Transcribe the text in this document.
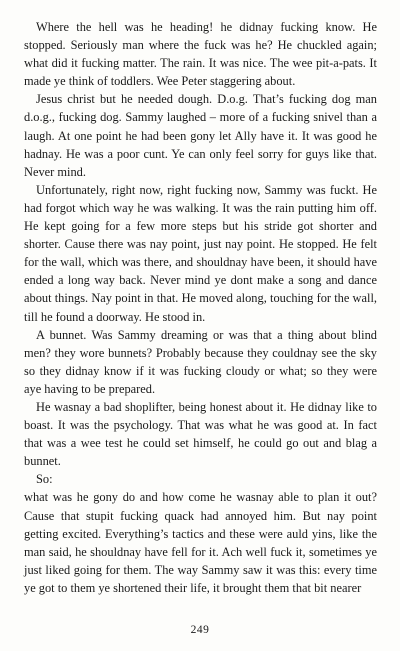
Where the hell was he heading! he didnay fucking know. He stopped. Seriously man where the fuck was he? He chuckled again; what did it fucking matter. The rain. It was nice. The wee pit-a-pats. It made ye think of toddlers. Wee Peter staggering about.

Jesus christ but he needed dough. D.o.g. That’s fucking dog man d.o.g., fucking dog. Sammy laughed – more of a fucking snivel than a laugh. At one point he had been gony let Ally have it. It was good he hadnay. He was a poor cunt. Ye can only feel sorry for guys like that. Never mind.

Unfortunately, right now, right fucking now, Sammy was fuckt. He had forgot which way he was walking. It was the rain putting him off. He kept going for a few more steps but his stride got shorter and shorter. Cause there was nay point, just nay point. He stopped. He felt for the wall, which was there, and shouldnay have been, it should have ended a long way back. Never mind ye dont make a song and dance about things. Nay point in that. He moved along, touching for the wall, till he found a doorway. He stood in.

A bunnet. Was Sammy dreaming or was that a thing about blind men? they wore bunnets? Probably because they couldnay see the sky so they didnay know if it was fucking cloudy or what; so they were aye having to be prepared.

He wasnay a bad shoplifter, being honest about it. He didnay like to boast. It was the psychology. That was what he was good at. In fact that was a wee test he could set himself, he could go out and blag a bunnet.

So:

what was he gony do and how come he wasnay able to plan it out? Cause that stupit fucking quack had annoyed him. But nay point getting excited. Everything’s tactics and these were auld yins, like the man said, he shouldnay have fell for it. Ach well fuck it, sometimes ye just liked going for them. The way Sammy saw it was this: every time ye got to them ye shortened their life, it brought them that bit nearer

249
